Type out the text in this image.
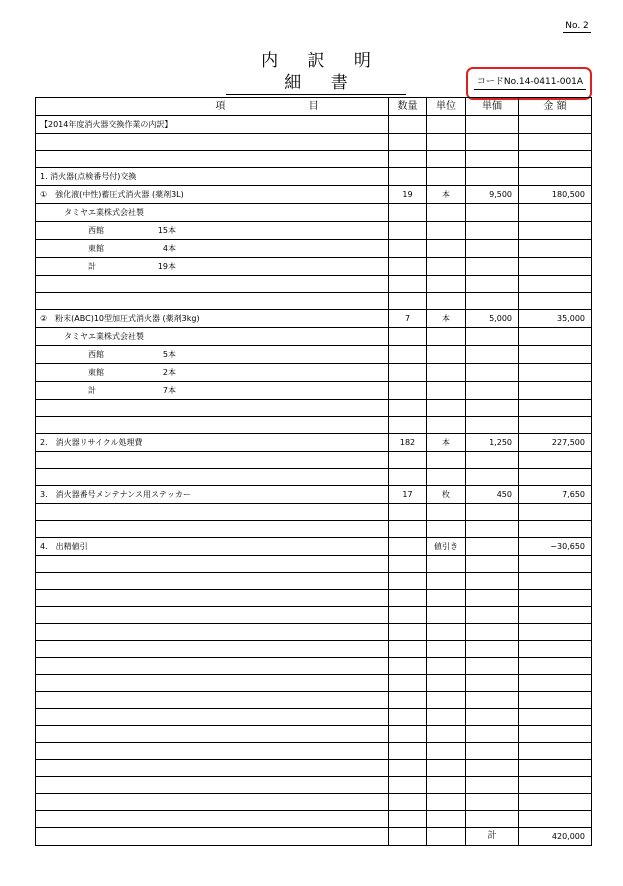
No. 2
内 訳 明 細 書	コードNo.14-0411-001A
項 目	数量	単位	単価	金 額
【2014年度消火器交換作業の内訳】				

1. 消火器(点検番号付)交換				
①　強化液(中性)蓄圧式消火器 (薬剤3L)	19	本	9,500	180,500
　　　タミヤエ業株式会社製				
西館 15本				
東館 4本				
計 19本				

②　粉末(ABC)10型加圧式消火器 (薬剤3kg)	7	本	5,000	35,000
　　　タミヤエ業株式会社製				
西館 5本				
東館 2本				
計 7本				

2.　消火器リサイクル処理費	182	本	1,250	227,500

3.　消火器番号メンテナンス用ステッカー	17	枚	450	7,650

4.　出精値引		値引き		−30,650

			計	420,000
